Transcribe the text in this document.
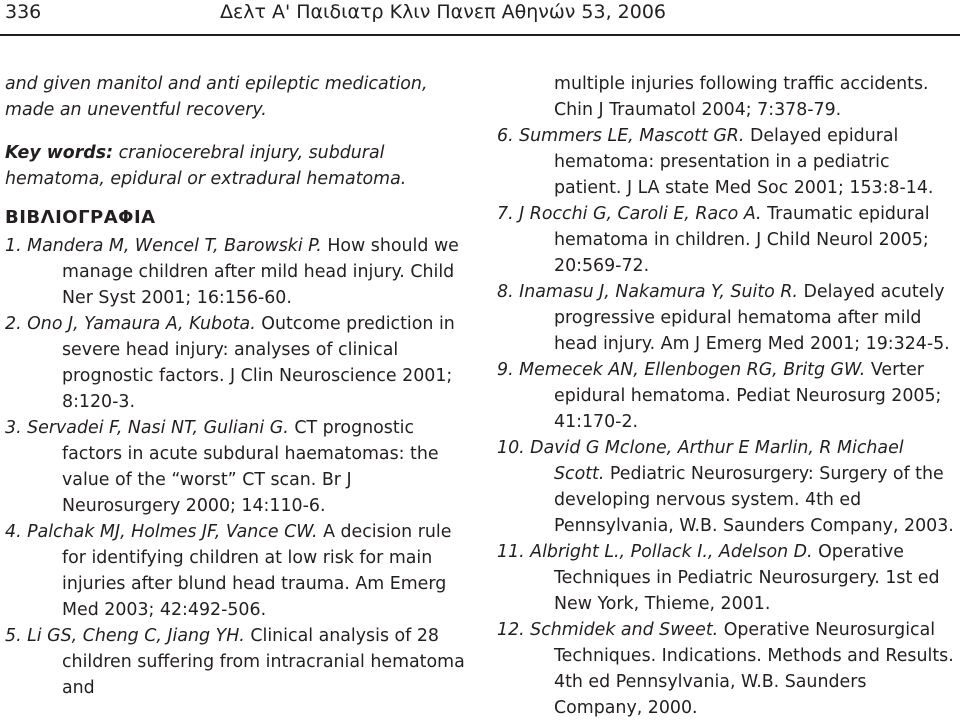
336	Δελτ Α' Παιδιατρ Κλιν Πανεπ Αθηνών 53, 2006

and given manitol and anti epileptic medication, made an uneventful recovery.

Key words: craniocerebral injury, subdural hematoma, epidural or extradural hematoma.

ΒΙΒΛΙΟΓΡΑΦΙΑ

1. Mandera M, Wencel T, Barowski P. How should we manage children after mild head injury. Child Ner Syst 2001; 16:156-60.

2. Ono J, Yamaura A, Kubota. Outcome prediction in severe head injury: analyses of clinical prognostic factors. J Clin Neuroscience 2001; 8:120-3.

3. Servadei F, Nasi NT, Guliani G. CT prognostic factors in acute subdural haematomas: the value of the “worst” CT scan. Br J Neurosurgery 2000; 14:110-6.

4. Palchak MJ, Holmes JF, Vance CW. A decision rule for identifying children at low risk for main injuries after blund head trauma. Am Emerg Med 2003; 42:492-506.

5. Li GS, Cheng C, Jiang YH. Clinical analysis of 28 children suffering from intracranial hematoma and

multiple injuries following traffic accidents. Chin J Traumatol 2004; 7:378-79.

6. Summers LE, Mascott GR. Delayed epidural hematoma: presentation in a pediatric patient. J LA state Med Soc 2001; 153:8-14.

7. J Rocchi G, Caroli E, Raco A. Traumatic epidural hematoma in children. J Child Neurol 2005; 20:569-72.

8. Inamasu J, Nakamura Y, Suito R. Delayed acutely progressive epidural hematoma after mild head injury. Am J Emerg Med 2001; 19:324-5.

9. Memecek AN, Ellenbogen RG, Britg GW. Verter epidural hematoma. Pediat Neurosurg 2005; 41:170-2.

10. David G Mclone, Arthur E Marlin, R Michael Scott. Pediatric Neurosurgery: Surgery of the developing nervous system. 4th ed Pennsylvania, W.B. Saunders Company, 2003.

11. Albright L., Pollack I., Adelson D. Operative Techniques in Pediatric Neurosurgery. 1st ed New York, Thieme, 2001.

12. Schmidek and Sweet. Operative Neurosurgical Techniques. Indications. Methods and Results. 4th ed Pennsylvania, W.B. Saunders Company, 2000.
